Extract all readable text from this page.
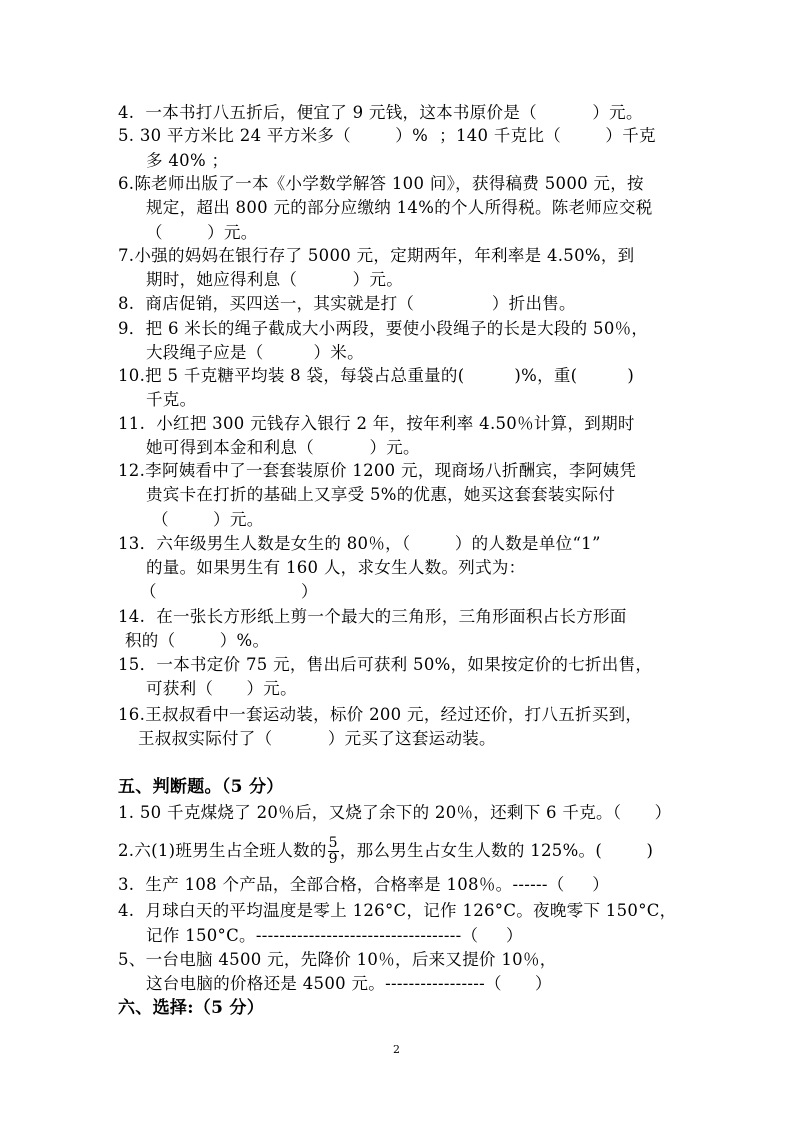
4.  一本书打八五折后，便宜了 9 元钱，这本书原价是（          ）元。
5. 30 平方米比 24 平方米多（        ）%  ；140 千克比（        ）千克
多 40% ；
6.陈老师出版了一本《小学数学解答 100 问》，获得稿费 5000 元，按
规定，超出 800 元的部分应缴纳 14%的个人所得税。陈老师应交税
（        ）元。
7.小强的妈妈在银行存了 5000 元，定期两年，年利率是 4.50%，到
期时，她应得利息（          ）元。
8.  商店促销，买四送一，其实就是打（              ）折出售。
9．把 6 米长的绳子截成大小两段，要使小段绳子的长是大段的 50％，
大段绳子应是（         ）米。
10.把 5 千克糖平均装 8 袋，每袋占总重量的(         )%，重(         )
千克。
11.  小红把 300 元钱存入银行 2 年，按年利率 4.50％计算，到期时
她可得到本金和利息（          ）元。
12.李阿姨看中了一套套装原价 1200 元，现商场八折酬宾，李阿姨凭
贵宾卡在打折的基础上又享受 5%的优惠，她买这套套装实际付
（        ）元。
13．六年级男生人数是女生的 80％，（        ）的人数是单位“1”
的量。如果男生有 160 人，求女生人数。列式为：
（                          ）
14.  在一张长方形纸上剪一个最大的三角形，三角形面积占长方形面
积的（        ）%。
15．一本书定价 75 元，售出后可获利 50%，如果按定价的七折出售，
可获利（      ）元。
16.王叔叔看中一套运动装，标价 200 元，经过还价，打八五折买到，
王叔叔实际付了（          ）元买了这套运动装。
五、判断题。（5 分）
1. 50 千克煤烧了 20％后，又烧了余下的 20％，还剩下 6 千克。（      ）
2.六(1)班男生占全班人数的 $\frac{5}{9}$ ，那么男生占女生人数的 125%。(        )
3.  生产 108 个产品，全部合格，合格率是 108％。------（     ）
4.  月球白天的平均温度是零上 126°C，记作 126°C。夜晚零下 150°C，
记作 150°C。-----------------------------------（     ）
5、一台电脑 4500 元，先降价 10％，后来又提价 10％，
这台电脑的价格还是 4500 元。-----------------（      ）
六、选择:（5 分）
2
